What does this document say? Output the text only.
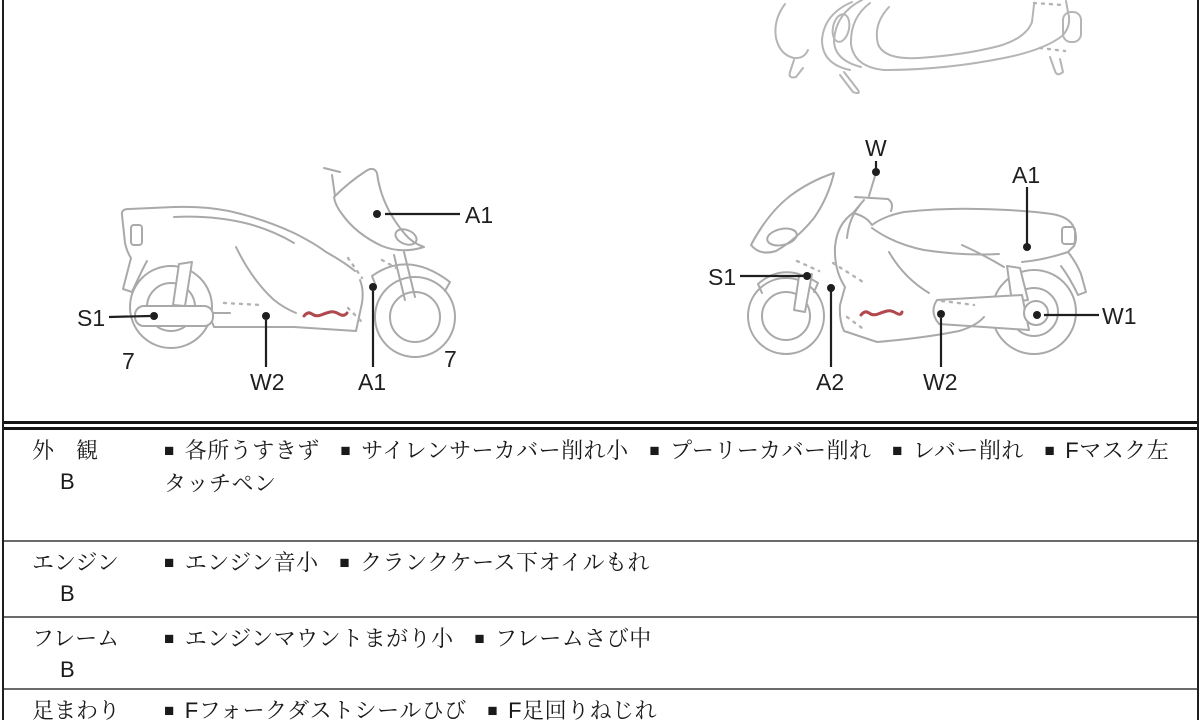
A1
S1
W2	A1
7	7
W
A1
S1
A2	W2
W1
外　観
B
■ 各所うすきず ■ サイレンサーカバー削れ小 ■ プーリーカバー削れ ■ レバー削れ ■ Fマスク左タッチペン
エンジン
B
■ エンジン音小 ■ クランクケース下オイルもれ
フレーム
B
■ エンジンマウントまがり小 ■ フレームさび中
足まわり	■ Fフォークダストシールひび ■ F足回りねじれ
